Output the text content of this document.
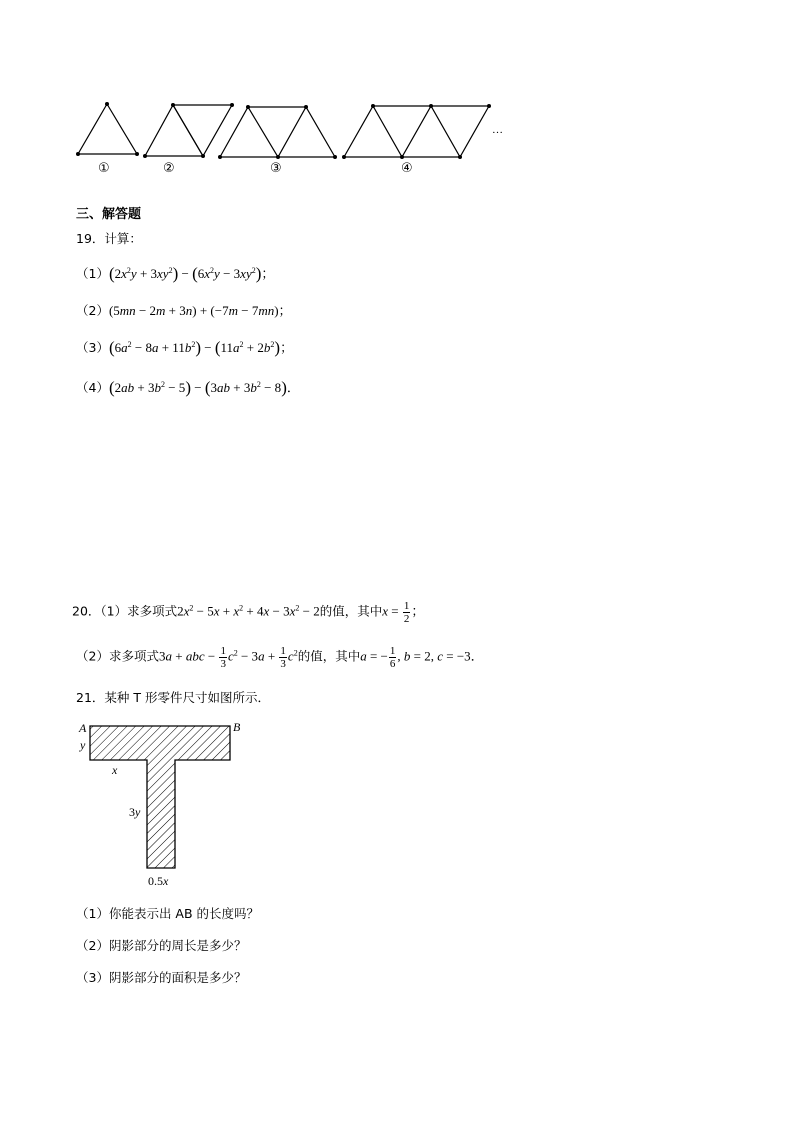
①	②	③	④
…
三、解答题
19．计算：
$(1)(2x^2y + 3xy^2) - (6x^2y - 3xy^2)$；
（2）(5mn − 2m + 3n) + (−7m − 7mn)；
$(3)(6a^2 - 8a + 11b^2) - (11a^2 + 2b^2)$；
$(4)(2ab + 3b^2 - 5) - (3ab + 3b^2 - 8)$．
20．（1）求多项式$2x^2 - 5x + x^2 + 4x - 3x^2 - 2$的值，其中$x = \frac{1}{2}$ ；
（2）求多项式3a + abc − $\frac{1}{3} c^2 - 3a + \frac{1}{3} c^2$的值，其中a = − $\frac{1}{6}$ , b = 2, c = −3．
21．某种 T 形零件尺寸如图所示．
A	B
y
x
3y
0.5x
（1）你能表示出 AB 的长度吗？
（2）阴影部分的周长是多少？
（3）阴影部分的面积是多少？
